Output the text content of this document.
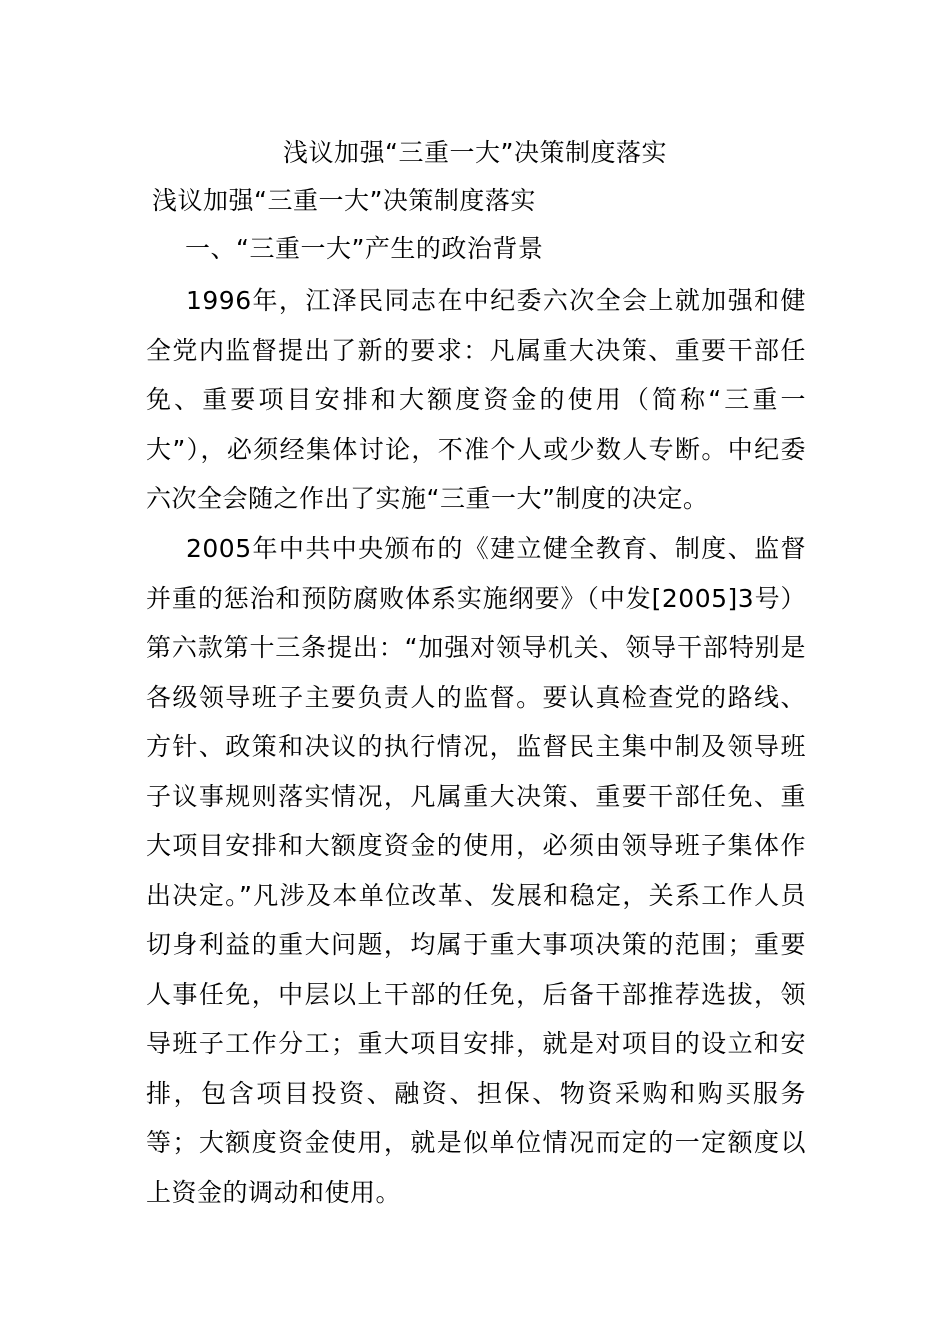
浅议加强“三重一大”决策制度落实
浅议加强“三重一大”决策制度落实
一、“三重一大”产生的政治背景

1996年，江泽民同志在中纪委六次全会上就加强和健全党内监督提出了新的要求：凡属重大决策、重要干部任免、重要项目安排和大额度资金的使用（简称“三重一大”），必须经集体讨论，不准个人或少数人专断。中纪委六次全会随之作出了实施“三重一大”制度的决定。

2005年中共中央颁布的《建立健全教育、制度、监督并重的惩治和预防腐败体系实施纲要》（中发[2005]3号）第六款第十三条提出：“加强对领导机关、领导干部特别是各级领导班子主要负责人的监督。要认真检查党的路线、方针、政策和决议的执行情况，监督民主集中制及领导班子议事规则落实情况，凡属重大决策、重要干部任免、重大项目安排和大额度资金的使用，必须由领导班子集体作出决定。”凡涉及本单位改革、发展和稳定，关系工作人员切身利益的重大问题，均属于重大事项决策的范围；重要人事任免，中层以上干部的任免，后备干部推荐选拔，领导班子工作分工；重大项目安排，就是对项目的设立和安排，包含项目投资、融资、担保、物资采购和购买服务等；大额度资金使用，就是似单位情况而定的一定额度以上资金的调动和使用。
